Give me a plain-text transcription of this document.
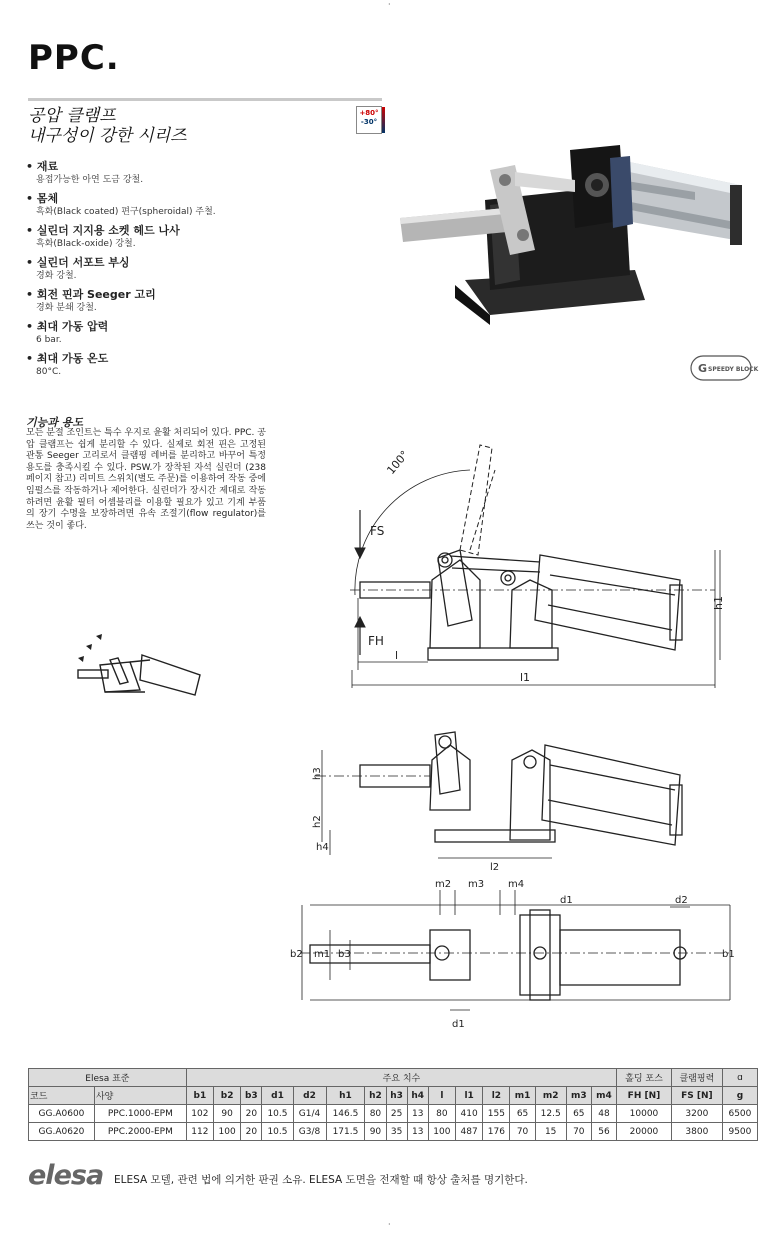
·
PPC.
공압 클램프
내구성이 강한 시리즈
+80°
-30°
• 재료
용접가능한 아연 도금 강철.
• 몸체
흑화(Black coated) 편구(spheroidal) 주철.
• 실린더 지지용 소켓 헤드 나사
흑화(Black-oxide) 강철.
• 실린더 서포트 부싱
경화 강철.
• 회전 핀과 Seeger 고리
경화 분쇄 강철.
• 최대 가동 압력
6 bar.
• 최대 가동 온도
80°C.	G SPEEDY BLOCK
기능과 용도
모든 분절 조인트는 특수 우지로 윤활 처리되어 있다. PPC. 공압 클램프는 쉽게 분리할 수 있다. 실제로 회전 핀은 고정된 관통 Seeger 고리로서 클램핑 레버를 분리하고 바꾸어 특정 용도를 충족시킬 수 있다. PSW.가 장착된 자석 실린더 (238 페이지 참고) 리미트 스위치(별도 주문)를 이용하여 작동 중에 임펄스를 작동하거나 제어한다. 실린더가 장시간 제대로 작동하려면 윤활 필터 어셈블리를 이용할 필요가 있고 기계 부품의 장기 수명을 보장하려면 유속 조절기(flow regulator)를 쓰는 것이 좋다.	FS
FH
100°
l
l1
h1
h3
h2
h4
l2
m2 m3 m4
d1	d2
b2 m1 b3	b1
d1
Elesa 표준		주요 치수																홀딩 포스	클램핑력	ɑ
코드	사양	b1	b2	b3	d1	d2	h1	h2	h3	h4	l	l1	l2	m1	m2	m3	m4	FH [N]	FS [N]	g
GG.A0600	PPC.1000-EPM	102	90	20	10.5	G1/4	146.5	80	25	13	80	410	155	65	12.5	65	48	10000	3200	6500
GG.A0620	PPC.2000-EPM	112	100	20	10.5	G3/8	171.5	90	35	13	100	487	176	70	15	70	56	20000	3800	9500
elesa ELESA 모델, 관련 법에 의거한 판권 소유. ELESA 도면을 전재할 때 항상 출처를 명기한다.
·
